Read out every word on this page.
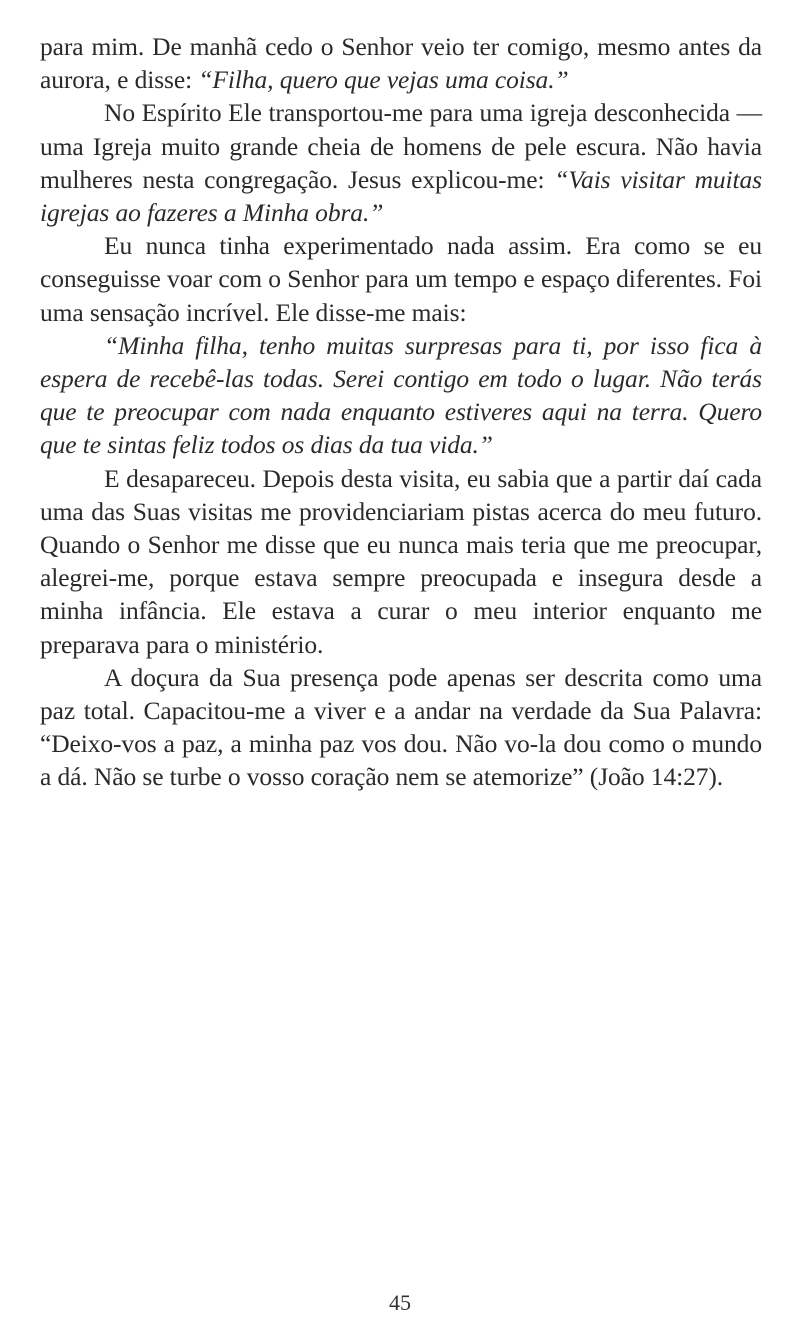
para mim. De manhã cedo o Senhor veio ter comigo, mesmo antes da aurora, e disse: “Filha, quero que vejas uma coisa.”

No Espírito Ele transportou-me para uma igreja desconhecida — uma Igreja muito grande cheia de homens de pele escura. Não havia mulheres nesta congregação. Jesus explicou-me: “Vais visitar muitas igrejas ao fazeres a Minha obra.”

Eu nunca tinha experimentado nada assim. Era como se eu conseguisse voar com o Senhor para um tempo e espaço diferentes. Foi uma sensação incrível. Ele disse-me mais:

“Minha filha, tenho muitas surpresas para ti, por isso fica à espera de recebê-las todas. Serei contigo em todo o lugar. Não terás que te preocupar com nada enquanto estiveres aqui na terra. Quero que te sintas feliz todos os dias da tua vida.”

E desapareceu. Depois desta visita, eu sabia que a partir daí cada uma das Suas visitas me providenciariam pistas acerca do meu futuro. Quando o Senhor me disse que eu nunca mais teria que me preocupar, alegrei-me, porque estava sempre preocupada e insegura desde a minha infância. Ele estava a curar o meu interior enquanto me preparava para o ministério.

A doçura da Sua presença pode apenas ser descrita como uma paz total. Capacitou-me a viver e a andar na verdade da Sua Palavra: “Deixo-vos a paz, a minha paz vos dou. Não vo-la dou como o mundo a dá. Não se turbe o vosso coração nem se atemorize” (João 14:27).

45
